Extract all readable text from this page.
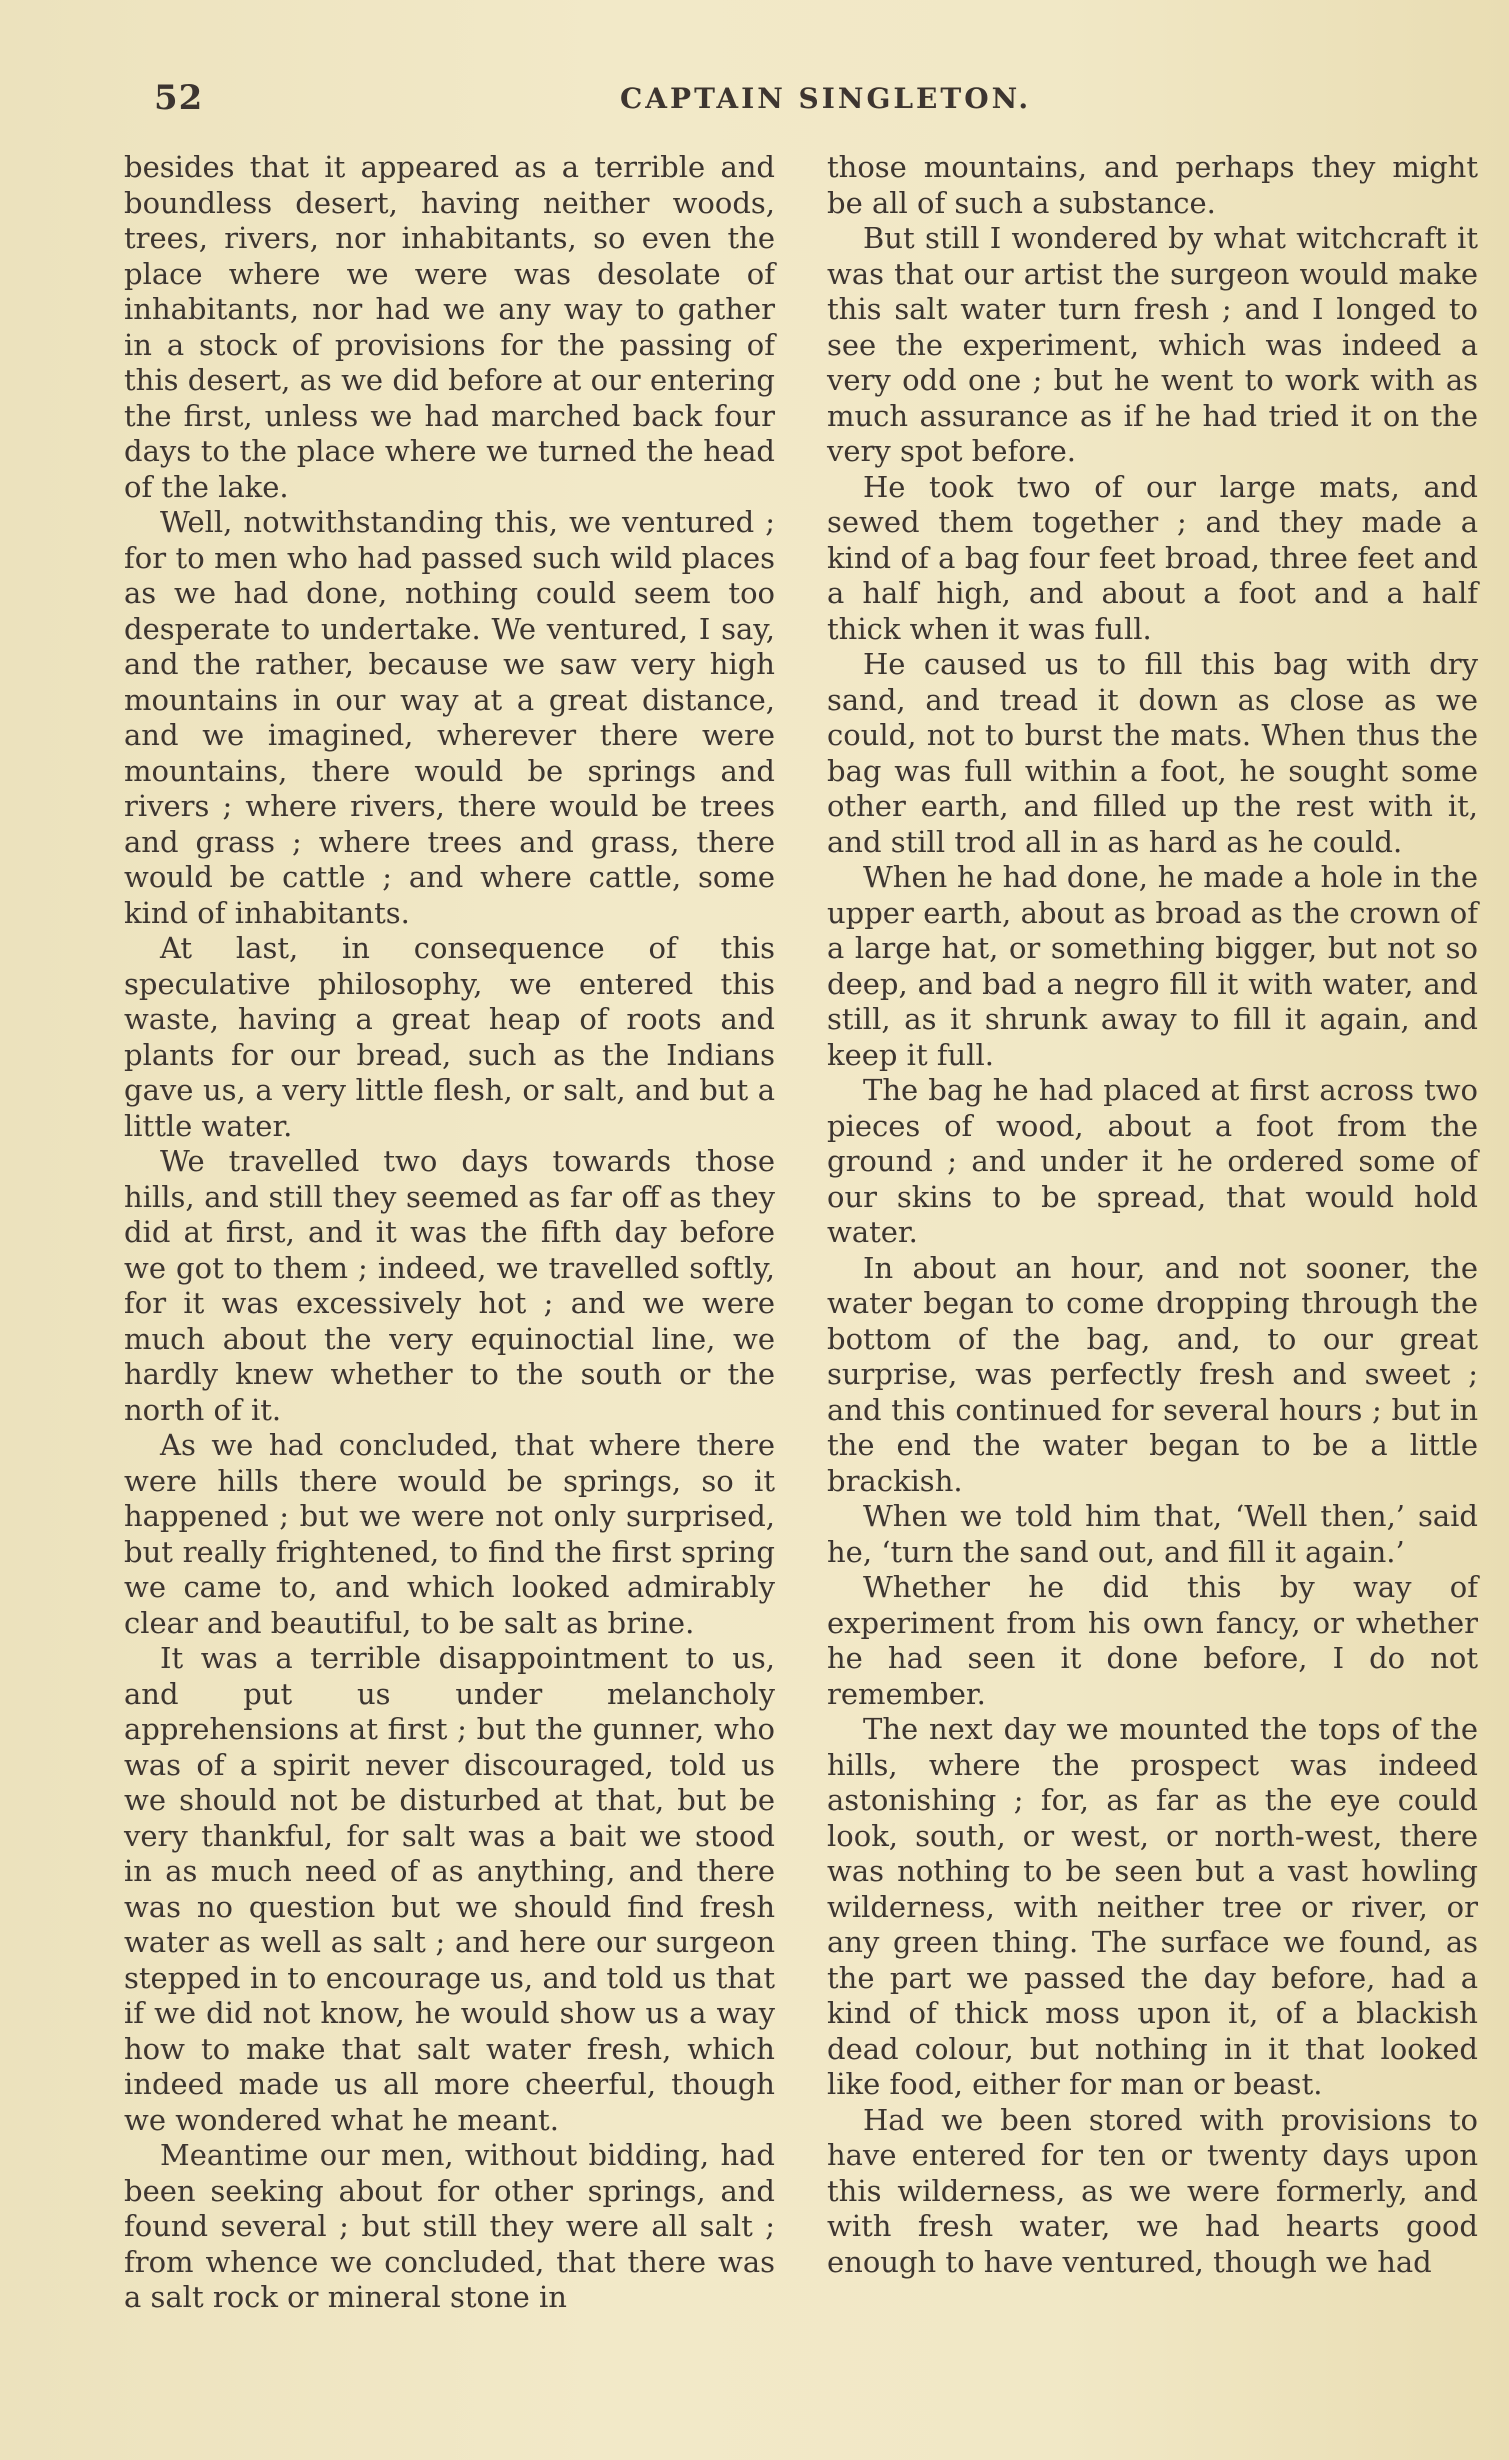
52	CAPTAIN SINGLETON.

besides that it appeared as a terrible and boundless desert, having neither woods, trees, rivers, nor inhabitants, so even the place where we were was desolate of inhabitants, nor had we any way to gather in a stock of provisions for the passing of this desert, as we did before at our entering the first, unless we had marched back four days to the place where we turned the head of the lake.

Well, notwithstanding this, we ventured ; for to men who had passed such wild places as we had done, nothing could seem too desperate to undertake. We ventured, I say, and the rather, because we saw very high mountains in our way at a great distance, and we imagined, wherever there were mountains, there would be springs and rivers ; where rivers, there would be trees and grass ; where trees and grass, there would be cattle ; and where cattle, some kind of inhabitants.

At last, in consequence of this speculative philosophy, we entered this waste, having a great heap of roots and plants for our bread, such as the Indians gave us, a very little flesh, or salt, and but a little water.

We travelled two days towards those hills, and still they seemed as far off as they did at first, and it was the fifth day before we got to them ; indeed, we travelled softly, for it was excessively hot ; and we were much about the very equinoctial line, we hardly knew whether to the south or the north of it.

As we had concluded, that where there were hills there would be springs, so it happened ; but we were not only surprised, but really frightened, to find the first spring we came to, and which looked admirably clear and beautiful, to be salt as brine.

It was a terrible disappointment to us, and put us under melancholy apprehensions at first ; but the gunner, who was of a spirit never discouraged, told us we should not be disturbed at that, but be very thankful, for salt was a bait we stood in as much need of as anything, and there was no question but we should find fresh water as well as salt ; and here our surgeon stepped in to encourage us, and told us that if we did not know, he would show us a way how to make that salt water fresh, which indeed made us all more cheerful, though we wondered what he meant.

Meantime our men, without bidding, had been seeking about for other springs, and found several ; but still they were all salt ; from whence we concluded, that there was a salt rock or mineral stone in

those mountains, and perhaps they might be all of such a substance.

But still I wondered by what witchcraft it was that our artist the surgeon would make this salt water turn fresh ; and I longed to see the experiment, which was indeed a very odd one ; but he went to work with as much assurance as if he had tried it on the very spot before.

He took two of our large mats, and sewed them together ; and they made a kind of a bag four feet broad, three feet and a half high, and about a foot and a half thick when it was full.

He caused us to fill this bag with dry sand, and tread it down as close as we could, not to burst the mats. When thus the bag was full within a foot, he sought some other earth, and filled up the rest with it, and still trod all in as hard as he could.

When he had done, he made a hole in the upper earth, about as broad as the crown of a large hat, or something bigger, but not so deep, and bad a negro fill it with water, and still, as it shrunk away to fill it again, and keep it full.

The bag he had placed at first across two pieces of wood, about a foot from the ground ; and under it he ordered some of our skins to be spread, that would hold water.

In about an hour, and not sooner, the water began to come dropping through the bottom of the bag, and, to our great surprise, was perfectly fresh and sweet ; and this continued for several hours ; but in the end the water began to be a little brackish.

When we told him that, ‘Well then,’ said he, ‘turn the sand out, and fill it again.’

Whether he did this by way of experiment from his own fancy, or whether he had seen it done before, I do not remember.

The next day we mounted the tops of the hills, where the prospect was indeed astonishing ; for, as far as the eye could look, south, or west, or north-west, there was nothing to be seen but a vast howling wilderness, with neither tree or river, or any green thing. The surface we found, as the part we passed the day before, had a kind of thick moss upon it, of a blackish dead colour, but nothing in it that looked like food, either for man or beast.

Had we been stored with provisions to have entered for ten or twenty days upon this wilderness, as we were formerly, and with fresh water, we had hearts good enough to have ventured, though we had
